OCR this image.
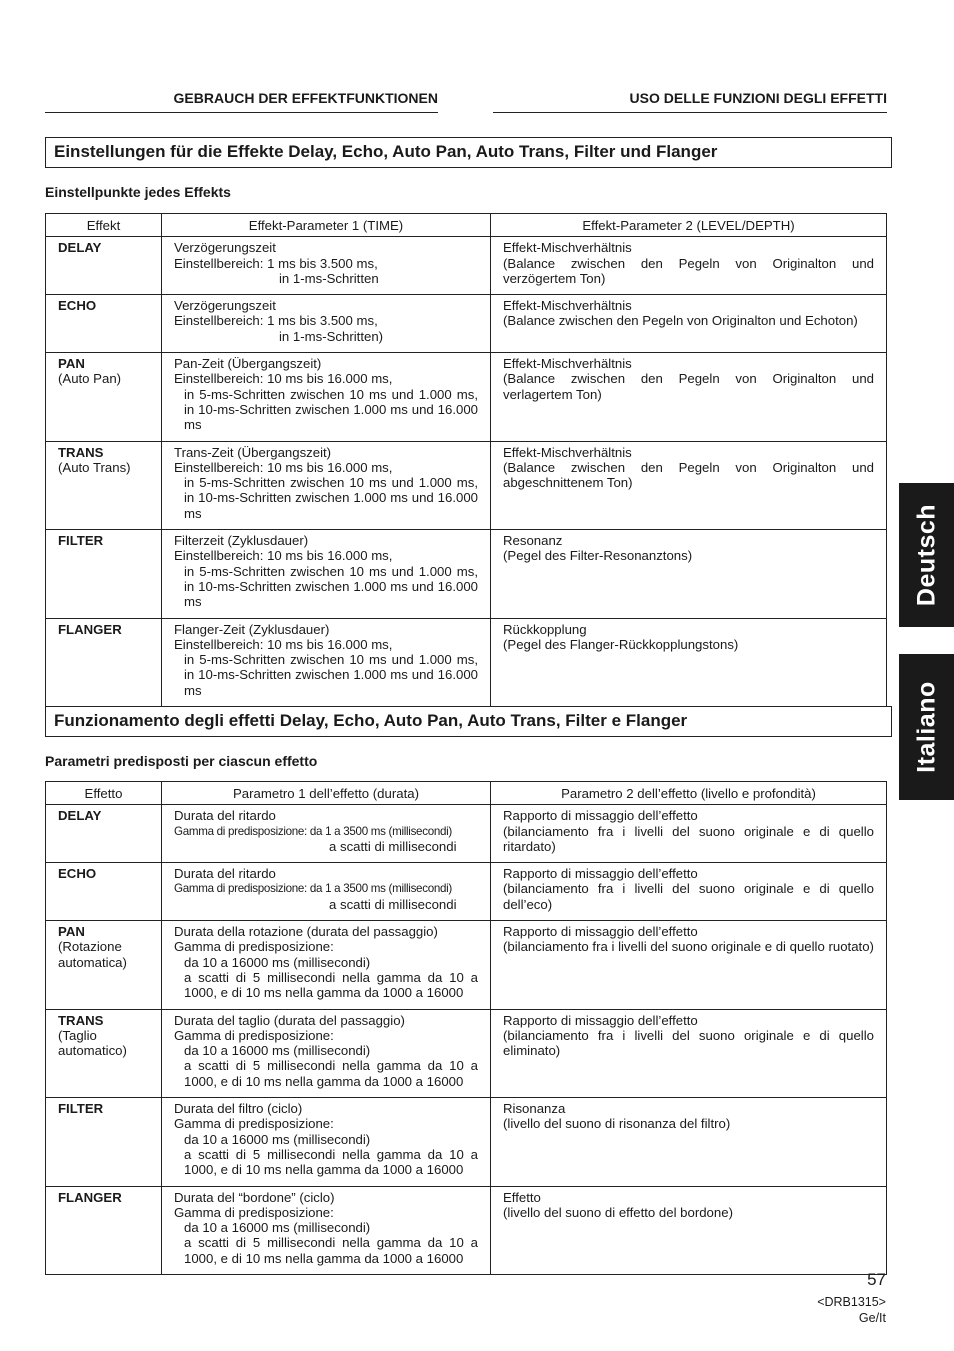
GEBRAUCH DER EFFEKTFUNKTIONEN	USO DELLE FUNZIONI DEGLI EFFETTI
Einstellungen für die Effekte Delay, Echo, Auto Pan, Auto Trans, Filter und Flanger
Einstellpunkte jedes Effekts
Effekt	Effekt-Parameter 1 (TIME)	Effekt-Parameter 2 (LEVEL/DEPTH)

DELAY	Verzögerungszeit
Einstellbereich: 1 ms bis 3.500 ms,
in 1-ms-Schritten	Effekt-Mischverhältnis
(Balance zwischen den Pegeln von Originalton und verzögertem Ton)

ECHO	Verzögerungszeit
Einstellbereich: 1 ms bis 3.500 ms,
in 1-ms-Schritten)	Effekt-Mischverhältnis
(Balance zwischen den Pegeln von Originalton und Echoton)

PAN
(Auto Pan)	Pan-Zeit (Übergangszeit)
Einstellbereich: 10 ms bis 16.000 ms,
in 5-ms-Schritten zwischen 10 ms und 1.000 ms, in 10-ms-Schritten zwischen 1.000 ms und 16.000 ms	Effekt-Mischverhältnis
(Balance zwischen den Pegeln von Originalton und verlagertem Ton)

TRANS
(Auto Trans)	Trans-Zeit (Übergangszeit)
Einstellbereich: 10 ms bis 16.000 ms,
in 5-ms-Schritten zwischen 10 ms und 1.000 ms, in 10-ms-Schritten zwischen 1.000 ms und 16.000 ms	Effekt-Mischverhältnis
(Balance zwischen den Pegeln von Originalton und abgeschnittenem Ton)

FILTER	Filterzeit (Zyklusdauer)
Einstellbereich: 10 ms bis 16.000 ms,
in 5-ms-Schritten zwischen 10 ms und 1.000 ms, in 10-ms-Schritten zwischen 1.000 ms und 16.000 ms	Resonanz
(Pegel des Filter-Resonanztons)

FLANGER	Flanger-Zeit (Zyklusdauer)
Einstellbereich: 10 ms bis 16.000 ms,
in 5-ms-Schritten zwischen 10 ms und 1.000 ms, in 10-ms-Schritten zwischen 1.000 ms und 16.000 ms	Rückkopplung
(Pegel des Flanger-Rückkopplungstons)
Funzionamento degli effetti Delay, Echo, Auto Pan, Auto Trans, Filter e Flanger
Parametri predisposti per ciascun effetto
Effetto	Parametro 1 dell’effetto (durata)	Parametro 2 dell’effetto (livello e profondità)

DELAY	Durata del ritardo
Gamma di predisposizione: da 1 a 3500 ms (millisecondi)
a scatti di millisecondi	Rapporto di missaggio dell’effetto
(bilanciamento fra i livelli del suono originale e di quello ritardato)

ECHO	Durata del ritardo
Gamma di predisposizione: da 1 a 3500 ms (millisecondi)
a scatti di millisecondi	Rapporto di missaggio dell’effetto
(bilanciamento fra i livelli del suono originale e di quello dell’eco)

PAN
(Rotazione automatica)	Durata della rotazione (durata del passaggio)
Gamma di predisposizione:
da 10 a 16000 ms (millisecondi)
a scatti di 5 millisecondi nella gamma da 10 a 1000, e di 10 ms nella gamma da 1000 a 16000	Rapporto di missaggio dell’effetto
(bilanciamento fra i livelli del suono originale e di quello ruotato)

TRANS
(Taglio automatico)	Durata del taglio (durata del passaggio)
Gamma di predisposizione:
da 10 a 16000 ms (millisecondi)
a scatti di 5 millisecondi nella gamma da 10 a 1000, e di 10 ms nella gamma da 1000 a 16000	Rapporto di missaggio dell’effetto
(bilanciamento fra i livelli del suono originale e di quello eliminato)

FILTER	Durata del filtro (ciclo)
Gamma di predisposizione:
da 10 a 16000 ms (millisecondi)
a scatti di 5 millisecondi nella gamma da 10 a 1000, e di 10 ms nella gamma da 1000 a 16000	Risonanza
(livello del suono di risonanza del filtro)

FLANGER	Durata del “bordone” (ciclo)
Gamma di predisposizione:
da 10 a 16000 ms (millisecondi)
a scatti di 5 millisecondi nella gamma da 10 a 1000, e di 10 ms nella gamma da 1000 a 16000	Effetto
(livello del suono di effetto del bordone)
Deutsch
Italiano
57
<DRB1315>
Ge/It
